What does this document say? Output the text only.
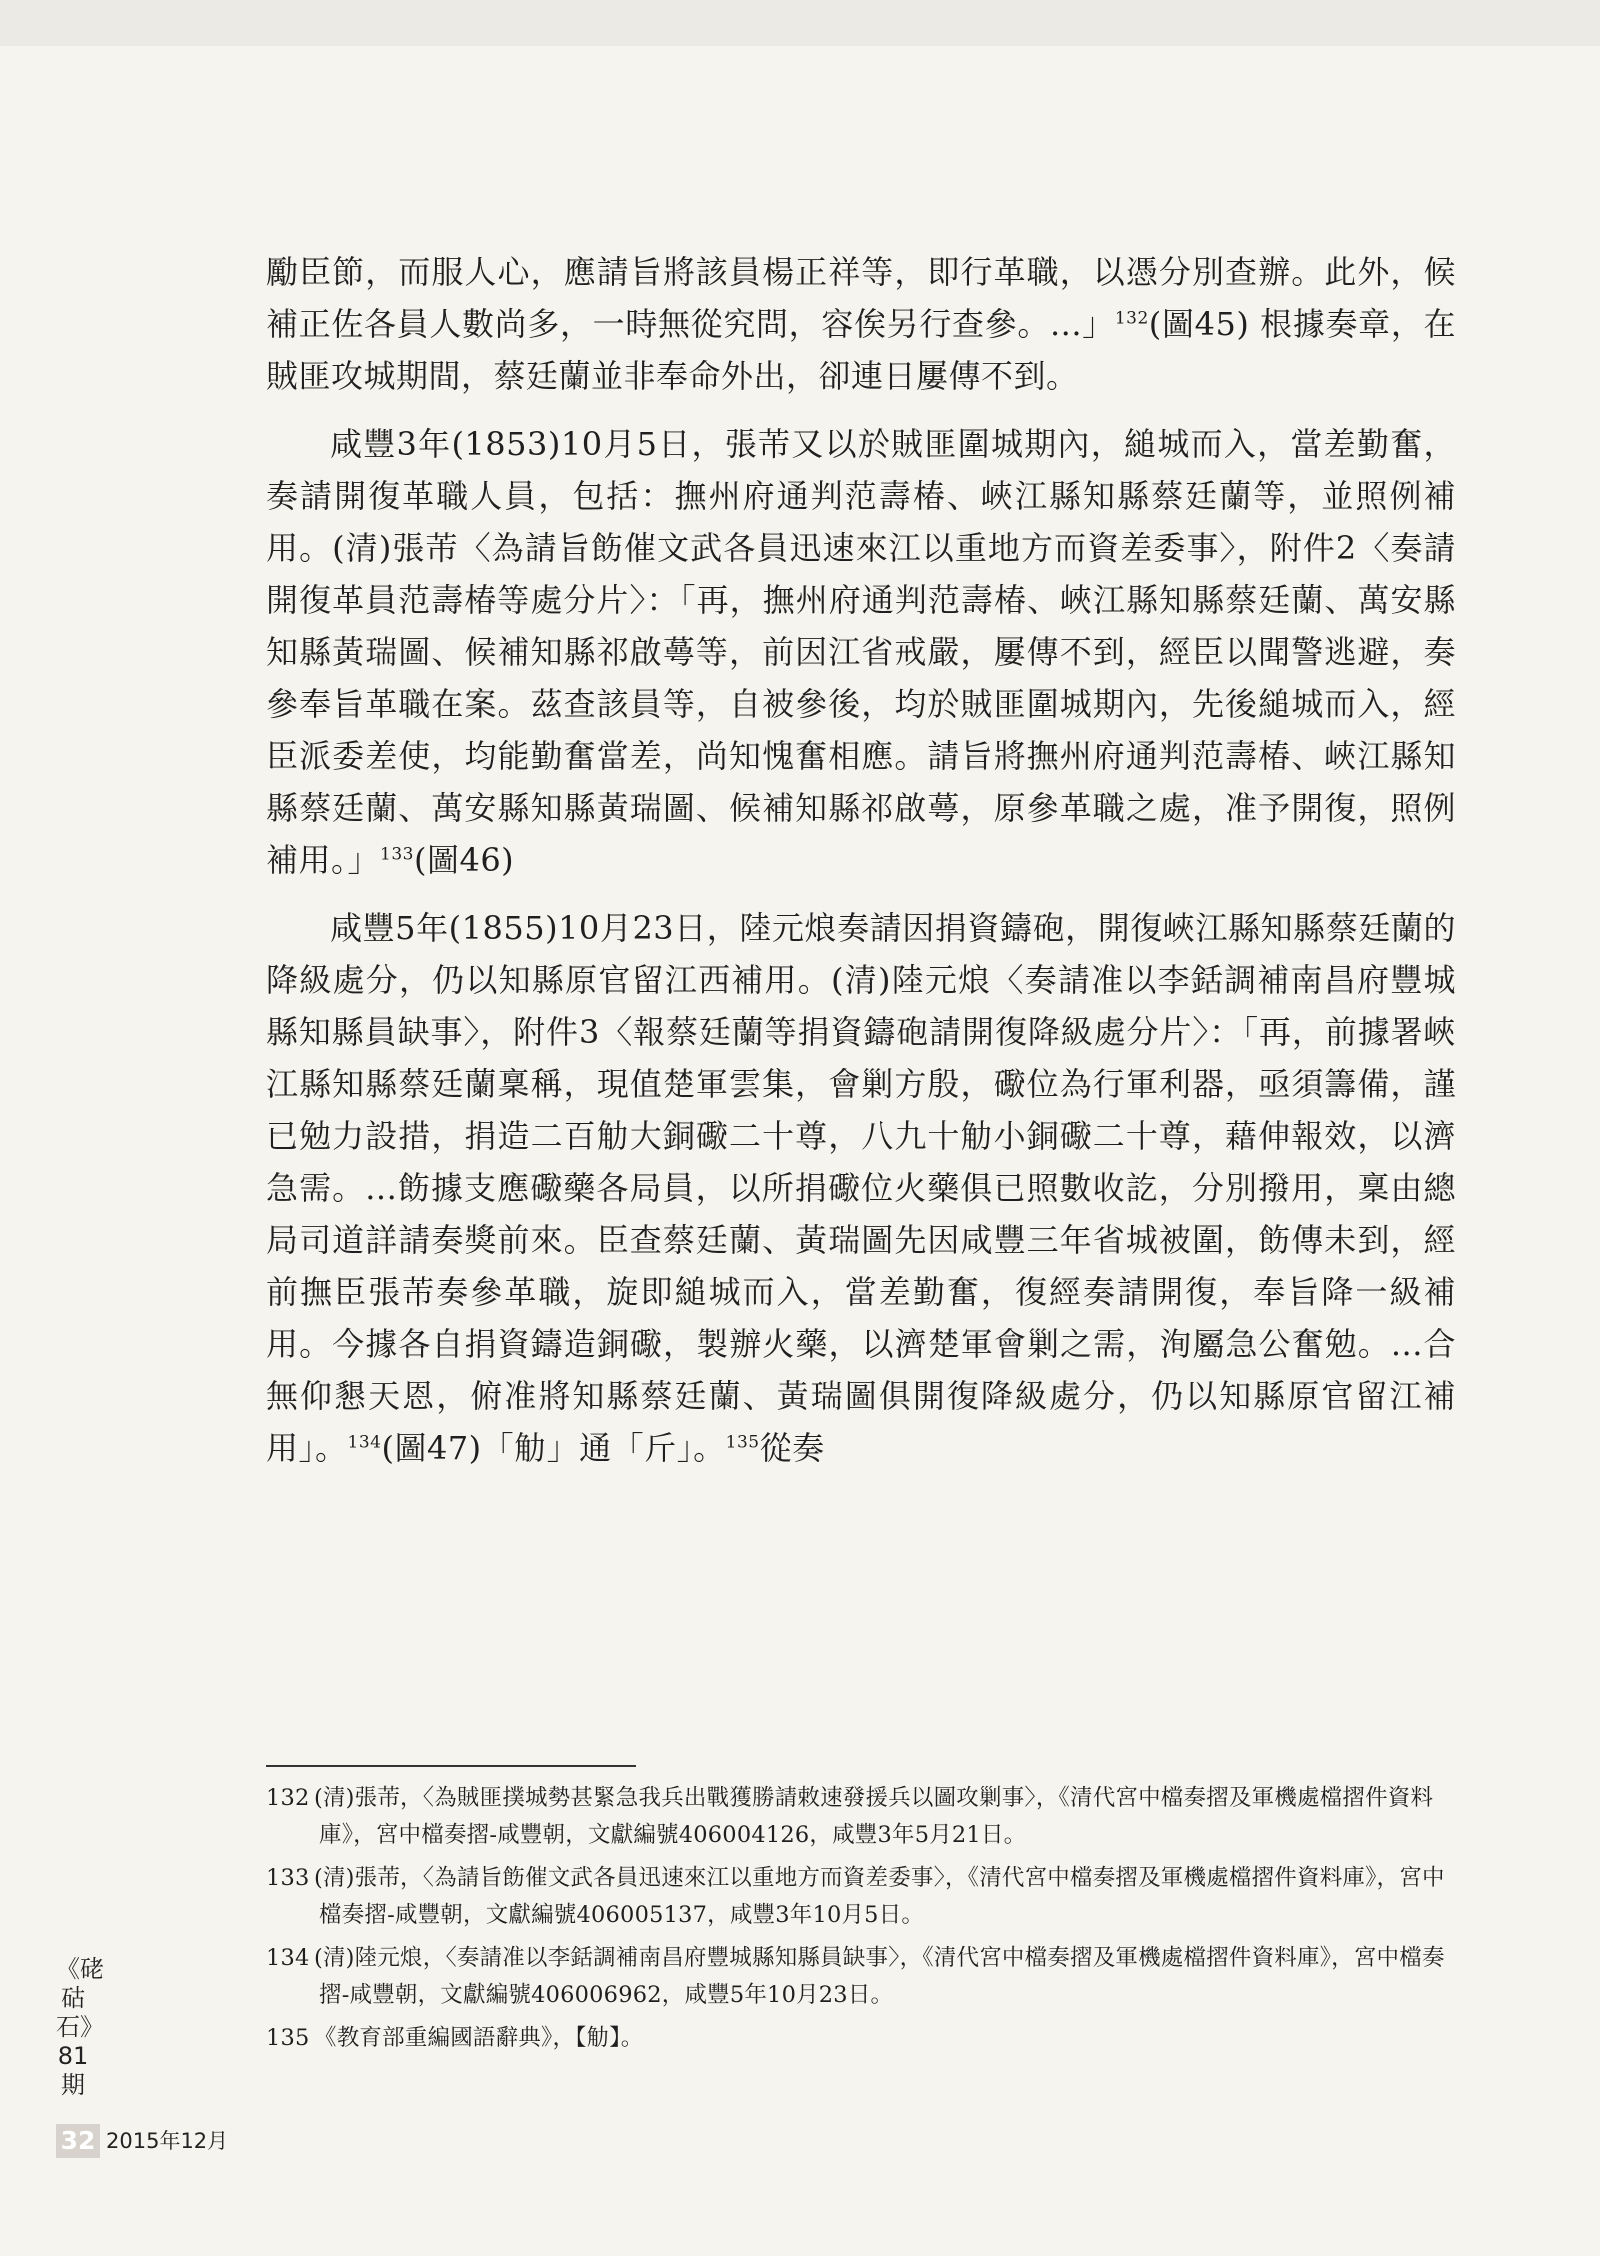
勵臣節，而服人心，應請旨將該員楊正祥等，即行革職，以憑分別查辦。此外，候補正佐各員人數尚多，一時無從究問，容俟另行查參。...」$^{132}$(圖45) 根據奏章，在賊匪攻城期間，蔡廷蘭並非奉命外出，卻連日屢傳不到。

咸豐3年(1853)10月5日，張芾又以於賊匪圍城期內，縋城而入，當差勤奮，奏請開復革職人員，包括：撫州府通判范壽椿、峽江縣知縣蔡廷蘭等，並照例補用。(清)張芾〈為請旨飭催文武各員迅速來江以重地方而資差委事〉，附件2〈奏請開復革員范壽椿等處分片〉：「再，撫州府通判范壽椿、峽江縣知縣蔡廷蘭、萬安縣知縣黃瑞圖、候補知縣祁啟蕚等，前因江省戒嚴，屢傳不到，經臣以聞警逃避，奏參奉旨革職在案。茲查該員等，自被參後，均於賊匪圍城期內，先後縋城而入，經臣派委差使，均能勤奮當差，尚知愧奮相應。請旨將撫州府通判范壽椿、峽江縣知縣蔡廷蘭、萬安縣知縣黃瑞圖、候補知縣祁啟蕚，原參革職之處，准予開復，照例補用。」$^{133}$(圖46)

咸豐5年(1855)10月23日，陸元烺奏請因捐資鑄砲，開復峽江縣知縣蔡廷蘭的降級處分，仍以知縣原官留江西補用。(清)陸元烺〈奏請准以李銛調補南昌府豐城縣知縣員缺事〉，附件3〈報蔡廷蘭等捐資鑄砲請開復降級處分片〉：「再，前據署峽江縣知縣蔡廷蘭稟稱，現值楚軍雲集，會剿方殷，礮位為行軍利器，亟須籌備，謹已勉力設措，捐造二百觔大銅礮二十尊，八九十觔小銅礮二十尊，藉伸報效，以濟急需。...飭據支應礮藥各局員，以所捐礮位火藥俱已照數收訖，分別撥用，稟由總局司道詳請奏獎前來。臣查蔡廷蘭、黃瑞圖先因咸豐三年省城被圍，飭傳未到，經前撫臣張芾奏參革職，旋即縋城而入，當差勤奮，復經奏請開復，奉旨降一級補用。今據各自捐資鑄造銅礮，製辦火藥，以濟楚軍會剿之需，洵屬急公奮勉。...合無仰懇天恩，俯准將知縣蔡廷蘭、黃瑞圖俱開復降級處分，仍以知縣原官留江補用」。$^{134}$(圖47)「觔」通「斤」。$^{135}$從奏

132 (清)張芾，〈為賊匪撲城勢甚緊急我兵出戰獲勝請敕速發援兵以圖攻剿事〉，《清代宮中檔奏摺及軍機處檔摺件資料庫》，宮中檔奏摺-咸豐朝，文獻編號406004126，咸豐3年5月21日。

133 (清)張芾，〈為請旨飭催文武各員迅速來江以重地方而資差委事〉，《清代宮中檔奏摺及軍機處檔摺件資料庫》，宮中檔奏摺-咸豐朝，文獻編號406005137，咸豐3年10月5日。

134 (清)陸元烺，〈奏請准以李銛調補南昌府豐城縣知縣員缺事〉，《清代宮中檔奏摺及軍機處檔摺件資料庫》，宮中檔奏摺-咸豐朝，文獻編號406006962，咸豐5年10月23日。

135 《教育部重編國語辭典》，【觔】。

《硓𥑮石》81期
32 2015年12月
